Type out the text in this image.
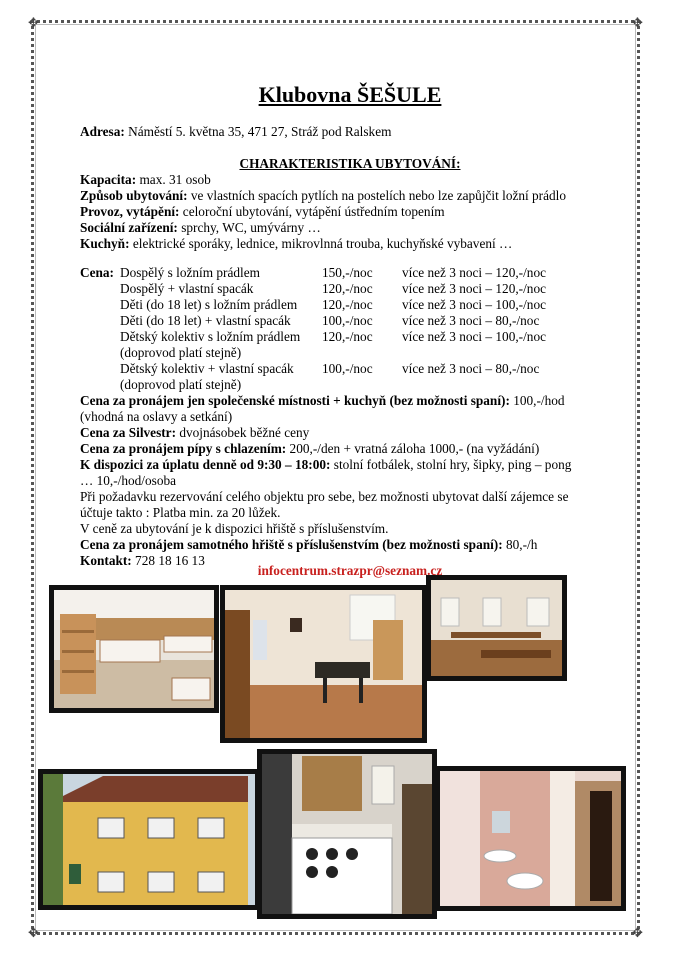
✥	✥
✥	✥
Klubovna ŠEŠULE
Adresa: Náměstí 5. května 35, 471 27, Stráž pod Ralskem
CHARAKTERISTIKA UBYTOVÁNÍ:
Kapacita: max. 31 osob
Způsob ubytování: ve vlastních spacích pytlích na postelích nebo lze zapůjčit ložní prádlo
Provoz, vytápění: celoroční ubytování, vytápění ústředním topením
Sociální zařízení: sprchy, WC, umývárny …
Kuchyň: elektrické sporáky, lednice, mikrovlnná trouba, kuchyňské vybavení …
Cena: Dospělý s ložním prádlem	150,-/noc více než 3 noci – 120,-/noc
Dospělý + vlastní spacák	120,-/noc více než 3 noci – 120,-/noc
Děti (do 18 let) s ložním prádlem 120,-/noc více než 3 noci – 100,-/noc
Děti (do 18 let) + vlastní spacák 100,-/noc více než 3 noci – 80,-/noc
Dětský kolektiv s ložním prádlem 120,-/noc více než 3 noci – 100,-/noc
(doprovod platí stejně)
Dětský kolektiv + vlastní spacák 100,-/noc více než 3 noci – 80,-/noc
(doprovod platí stejně)
Cena za pronájem jen společenské místnosti + kuchyň (bez možnosti spaní): 100,-/hod
(vhodná na oslavy a setkání)
Cena za Silvestr: dvojnásobek běžné ceny
Cena za pronájem pípy s chlazením: 200,-/den + vratná záloha 1000,- (na vyžádání)
K dispozici za úplatu denně od 9:30 – 18:00: stolní fotbálek, stolní hry, šipky, ping – pong
… 10,-/hod/osoba
Při požadavku rezervování celého objektu pro sebe, bez možnosti ubytovat další zájemce se
účtuje takto : Platba min. za 20 lůžek.
V ceně za ubytování je k dispozici hřiště s příslušenstvím.
Cena za pronájem samotného hřiště s příslušenstvím (bez možnosti spaní): 80,-/h
Kontakt: 728 18 16 13
infocentrum.strazpr@seznam.cz
